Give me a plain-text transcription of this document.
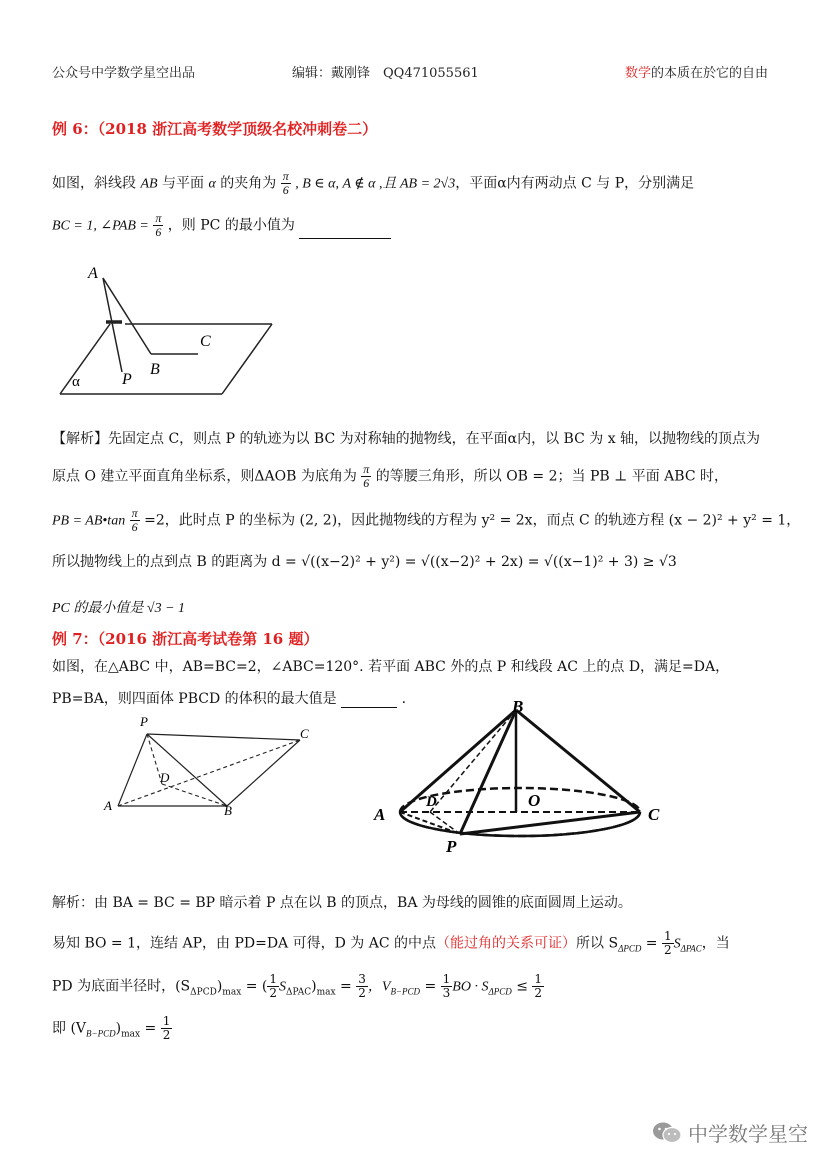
公众号中学数学星空出品	编辑：戴刚锋　QQ471055561	数学的本质在於它的自由
例 6：（2018 浙江高考数学顶级名校冲刺卷二）
如图，斜线段 AB 与平面 α 的夹角为 $\frac{\pi}{6}$ , B ∈ α, A ∉ α ,且 AB = 2√3，平面α内有两动点 C 与 P，分别满足
BC = 1, ∠PAB = $\frac{\pi}{6}$ ，则 PC 的最小值为
A
C
B
P
α
【解析】先固定点 C，则点 P 的轨迹为以 BC 为对称轴的抛物线，在平面α内，以 BC 为 x 轴，以抛物线的顶点为
原点 O 建立平面直角坐标系，则ΔAOB 为底角为 $\frac{\pi}{6}$ 的等腰三角形，所以 OB = 2；当 PB ⊥ 平面 ABC 时，
PB = AB•tan $\frac{\pi}{6} =2$，此时点 P 的坐标为 (2, 2)，因此抛物线的方程为 y² = 2x，而点 C 的轨迹方程 (x − 2)² + y² = 1，
所以抛物线上的点到点 B 的距离为 d = √((x−2)² + y²) = √((x−2)² + 2x) = √((x−1)² + 3) ≥ √3
PC 的最小值是 √3 − 1
例 7：（2016 浙江高考试卷第 16 题）
如图，在△ABC 中，AB=BC=2，∠ABC=120°. 若平面 ABC 外的点 P 和线段 AC 上的点 D，满足=DA，
PB=BA，则四面体 PBCD 的体积的最大值是	.
P
C
D
A	B
B
D	O
A	C
P
解析：由 BA = BC = BP 暗示着 P 点在以 B 的顶点，BA 为母线的圆锥的底面圆周上运动。
易知 BO = 1，连结 AP，由 PD=DA 可得，D 为 AC 的中点（能过角的关系可证）所以 $S_{\Delta PCD} = \frac{1}{2} S_{\Delta PAC}$，当
PD 为底面半径时，$(S_{\Delta PCD})_{max}$ = ( $\frac{1}{2} S_{\Delta PAC})_{max} = \frac{3}{2}$ ，$V_{B-PCD} = \frac{1}{3}$ BO · $S_{\Delta PCD} \le \frac{1}{2}$
即 $(V_{B-PCD})_{max} = \frac{1}{2}$
中学数学星空
